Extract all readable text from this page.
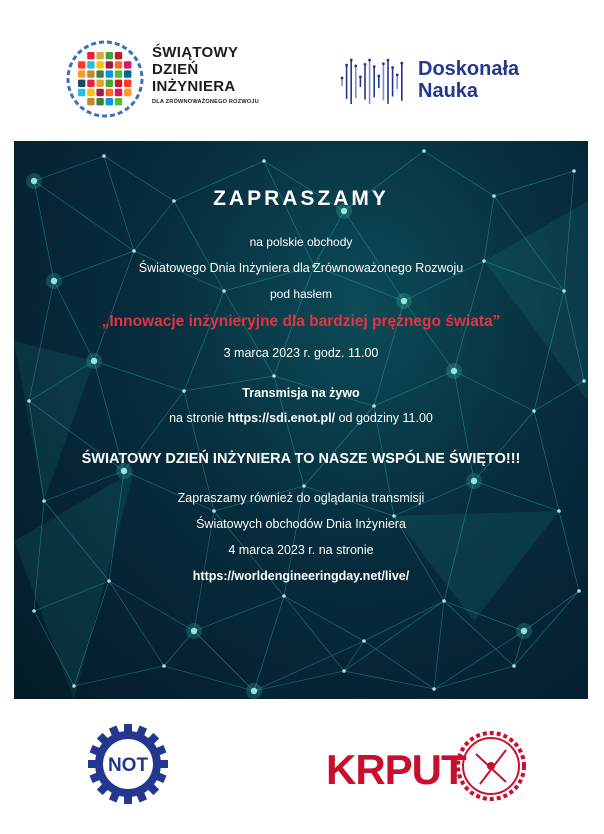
ŚWIĄTOWY
DZIEŃ
INŻYNIERA
DLA ZRÓWNOWAŻONEGO ROZWOJU
Doskonała
Nauka
ZAPRASZAMY
na polskie obchody
Światowego Dnia Inżyniera dla Zrównoważonego Rozwoju
pod hasłem
„Innowacje inżynieryjne dla bardziej prężnego świata”
3 marca 2023 r. godz. 11.00
Transmisja na żywo
na stronie https://sdi.enot.pl/ od godziny 11.00
ŚWIATOWY DZIEŃ INŻYNIERA TO NASZE WSPÓLNE ŚWIĘTO!!!
Zapraszamy również do oglądania transmisji
Światowych obchodów Dnia Inżyniera
4 marca 2023 r. na stronie
https://worldengineeringday.net/live/
NOT	KRPUT
